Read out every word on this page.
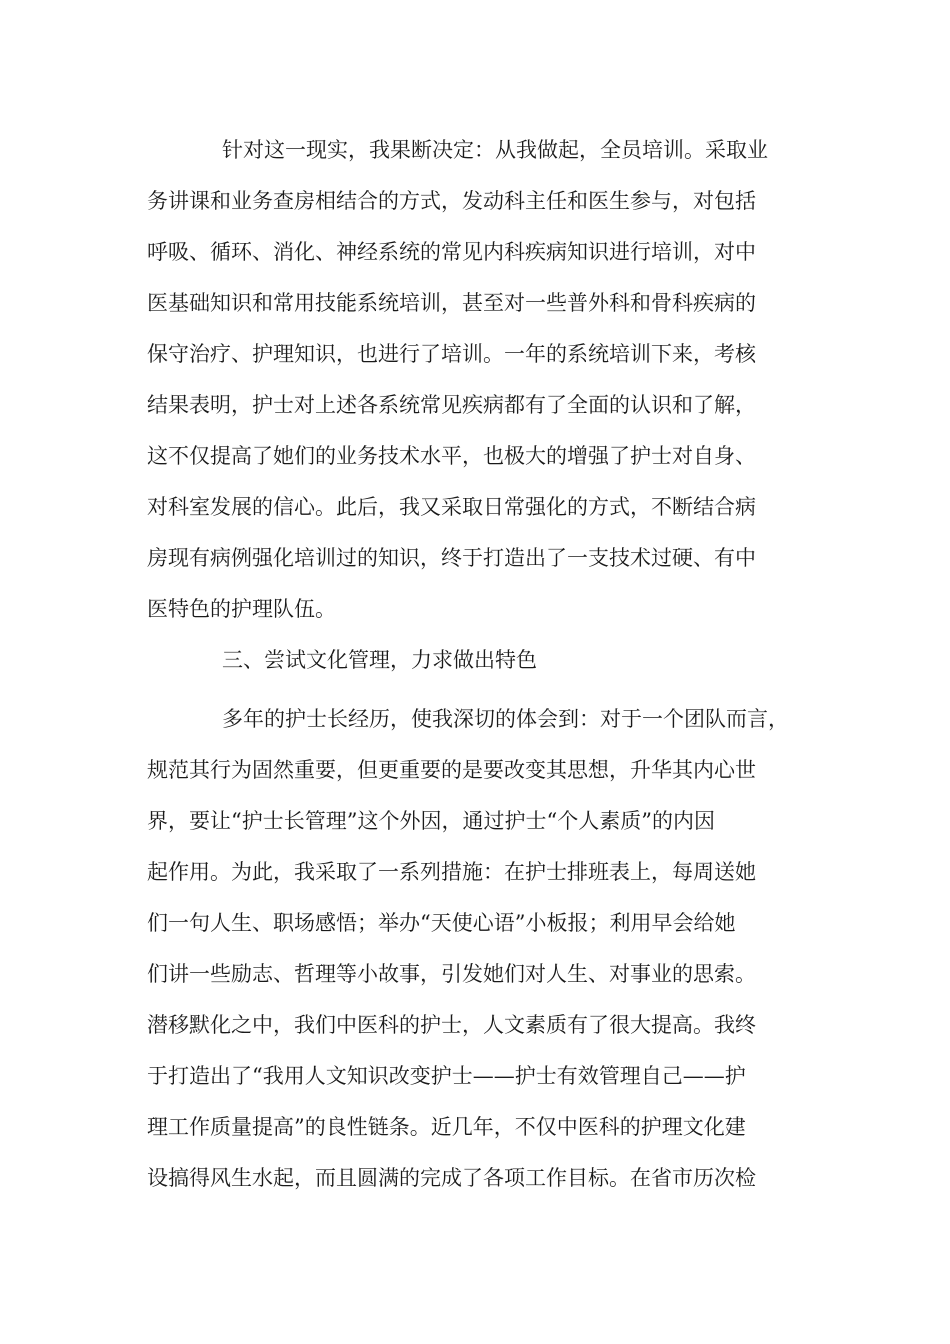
针对这一现实，我果断决定：从我做起，全员培训。采取业
务讲课和业务查房相结合的方式，发动科主任和医生参与，对包括
呼吸、循环、消化、神经系统的常见内科疾病知识进行培训，对中
医基础知识和常用技能系统培训，甚至对一些普外科和骨科疾病的
保守治疗、护理知识，也进行了培训。一年的系统培训下来，考核
结果表明，护士对上述各系统常见疾病都有了全面的认识和了解，
这不仅提高了她们的业务技术水平，也极大的增强了护士对自身、
对科室发展的信心。此后，我又采取日常强化的方式，不断结合病
房现有病例强化培训过的知识，终于打造出了一支技术过硬、有中
医特色的护理队伍。
三、尝试文化管理，力求做出特色
多年的护士长经历，使我深切的体会到：对于一个团队而言，
规范其行为固然重要，但更重要的是要改变其思想，升华其内心世
界，要让“护士长管理”这个外因，通过护士“个人素质”的内因
起作用。为此，我采取了一系列措施：在护士排班表上，每周送她
们一句人生、职场感悟；举办“天使心语”小板报；利用早会给她
们讲一些励志、哲理等小故事，引发她们对人生、对事业的思索。
潜移默化之中，我们中医科的护士，人文素质有了很大提高。我终
于打造出了“我用人文知识改变护士——护士有效管理自己——护
理工作质量提高”的良性链条。近几年，不仅中医科的护理文化建
设搞得风生水起，而且圆满的完成了各项工作目标。在省市历次检
